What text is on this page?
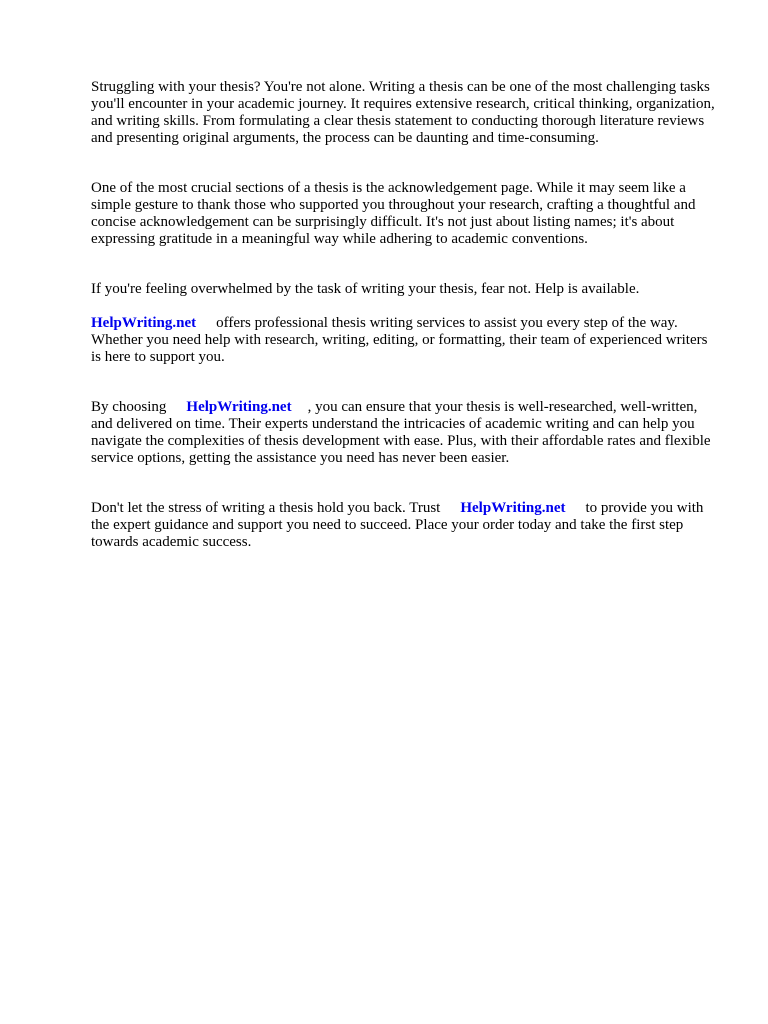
Struggling with your thesis? You're not alone. Writing a thesis can be one of the most challenging tasks you'll encounter in your academic journey. It requires extensive research, critical thinking, organization, and writing skills. From formulating a clear thesis statement to conducting thorough literature reviews and presenting original arguments, the process can be daunting and time-consuming.

One of the most crucial sections of a thesis is the acknowledgement page. While it may seem like a simple gesture to thank those who supported you throughout your research, crafting a thoughtful and concise acknowledgement can be surprisingly difficult. It's not just about listing names; it's about expressing gratitude in a meaningful way while adhering to academic conventions.

If you're feeling overwhelmed by the task of writing your thesis, fear not. Help is available.

HelpWriting.net offers professional thesis writing services to assist you every step of the way. Whether you need help with research, writing, editing, or formatting, their team of experienced writers is here to support you.

By choosing HelpWriting.net , you can ensure that your thesis is well-researched, well-written, and delivered on time. Their experts understand the intricacies of academic writing and can help you navigate the complexities of thesis development with ease. Plus, with their affordable rates and flexible service options, getting the assistance you need has never been easier.

Don't let the stress of writing a thesis hold you back. Trust HelpWriting.net to provide you with the expert guidance and support you need to succeed. Place your order today and take the first step towards academic success.
